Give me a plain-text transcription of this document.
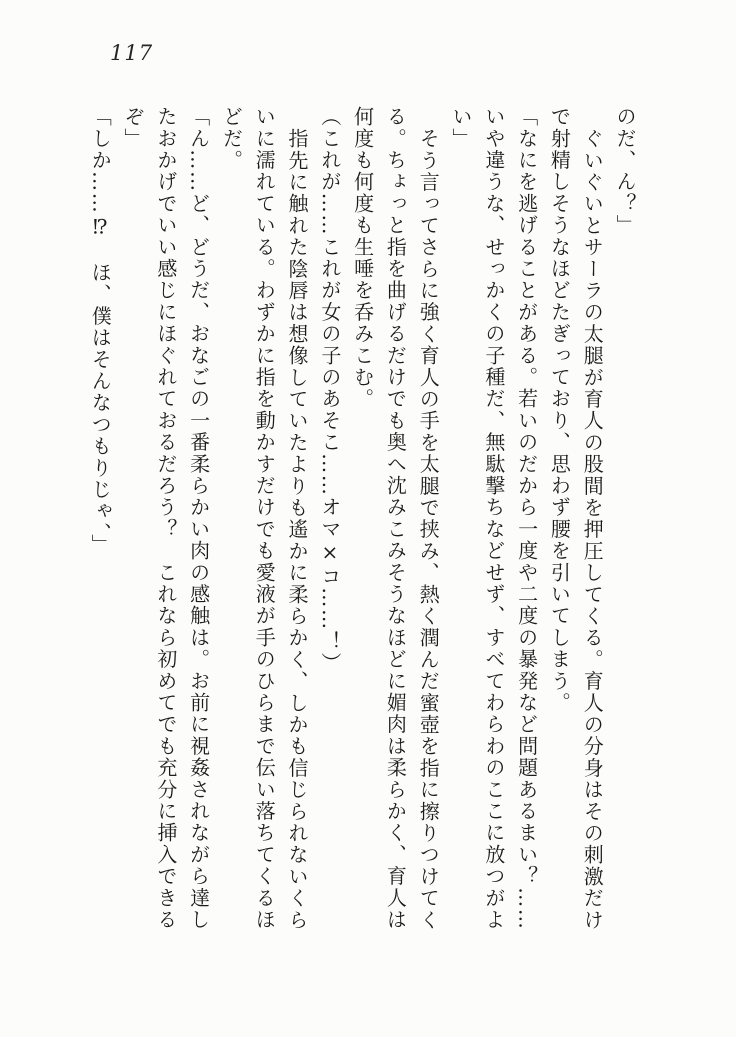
117
のだ、ん？」
ぐいぐいとサーラの太腿が育人の股間を押圧してくる。育人の分身はその刺激だけ
で射精しそうなほどたぎっており、思わず腰を引いてしまう。
「なにを逃げることがある。若いのだから一度や二度の暴発など問題あるまい？……
いや違うな、せっかくの子種だ、無駄撃ちなどせず、すべてわらわのここに放つがよ
い」
そう言ってさらに強く育人の手を太腿で挟み、熱く潤んだ蜜壺を指に擦りつけてく
る。ちょっと指を曲げるだけでも奥へ沈みこみそうなほどに媚肉は柔らかく、育人は
何度も何度も生唾を呑みこむ。
（これが……これが女の子のあそこ……オマ×コ……！）
指先に触れた陰唇は想像していたよりも遙かに柔らかく、しかも信じられないくら
いに濡れている。わずかに指を動かすだけでも愛液が手のひらまで伝い落ちてくるほ
どだ。
「ん……ど、どうだ、おなごの一番柔らかい肉の感触は。お前に視姦されながら達し
たおかげでいい感じにほぐれておるだろう？　これなら初めてでも充分に挿入できる
ぞ」
「しか……⁉　ほ、僕はそんなつもりじゃ、」
